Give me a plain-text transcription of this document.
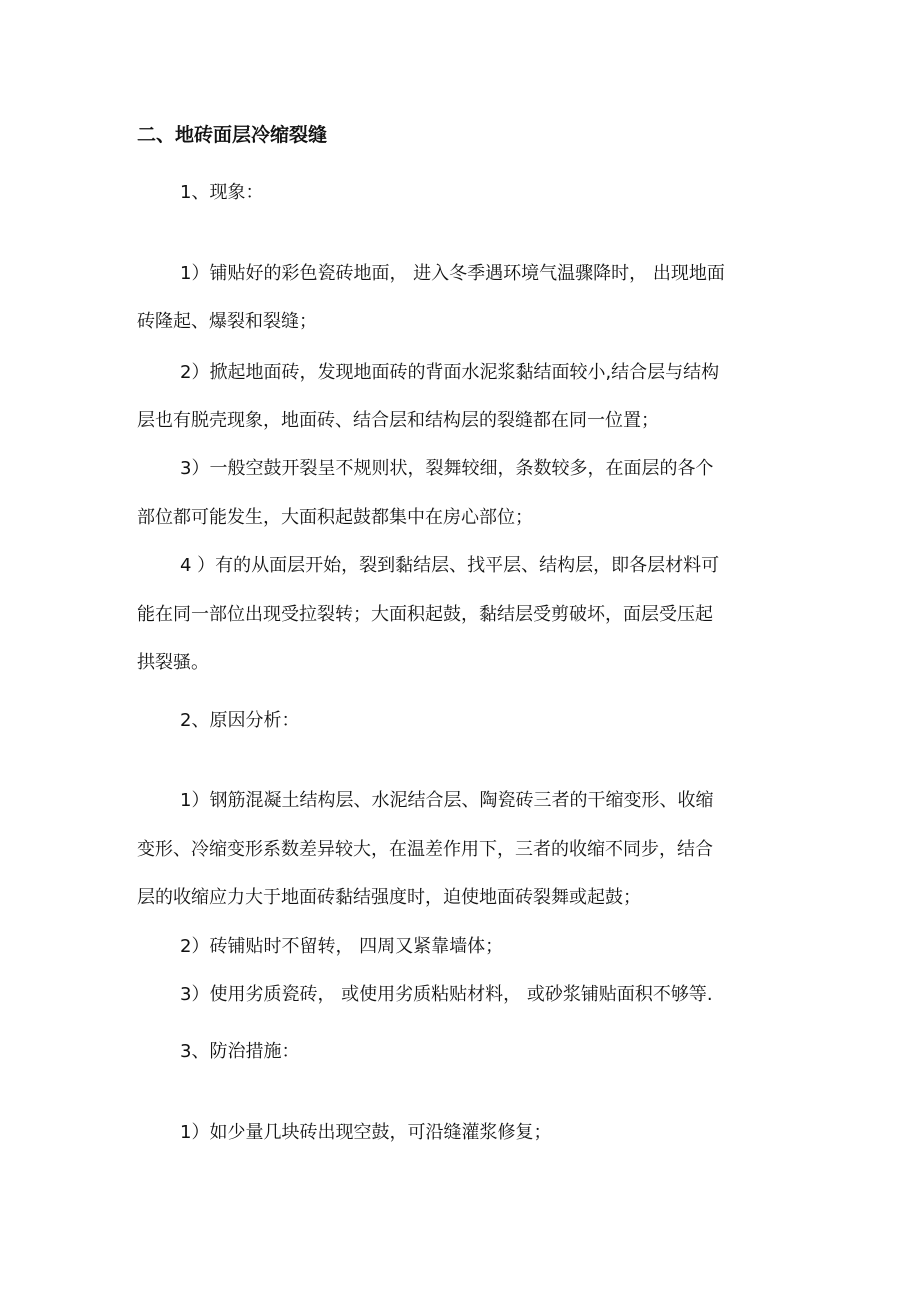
二、地砖面层冷缩裂缝
1、现象：
1）铺贴好的彩色瓷砖地面， 进入冬季遇环境气温骤降时， 出现地面
砖隆起、爆裂和裂缝；
2）掀起地面砖，发现地面砖的背面水泥浆黏结面较小,结合层与结构
层也有脱壳现象，地面砖、结合层和结构层的裂缝都在同一位置；
3）一般空鼓开裂呈不规则状，裂舞较细，条数较多，在面层的各个
部位都可能发生，大面积起鼓都集中在房心部位；
4 ）有的从面层开始，裂到黏结层、找平层、结构层，即各层材料可
能在同一部位出现受拉裂转；大面积起鼓，黏结层受剪破坏，面层受压起
拱裂骚。
2、原因分析：
1）钢筋混凝土结构层、水泥结合层、陶瓷砖三者的干缩变形、收缩
变形、冷缩变形系数差异较大，在温差作用下，三者的收缩不同步，结合
层的收缩应力大于地面砖黏结强度时，迫使地面砖裂舞或起鼓；
2）砖铺贴时不留转， 四周又紧靠墙体；
3）使用劣质瓷砖， 或使用劣质粘贴材料， 或砂浆铺贴面积不够等.
3、防治措施：
1）如少量几块砖出现空鼓，可沿缝灌浆修复；
